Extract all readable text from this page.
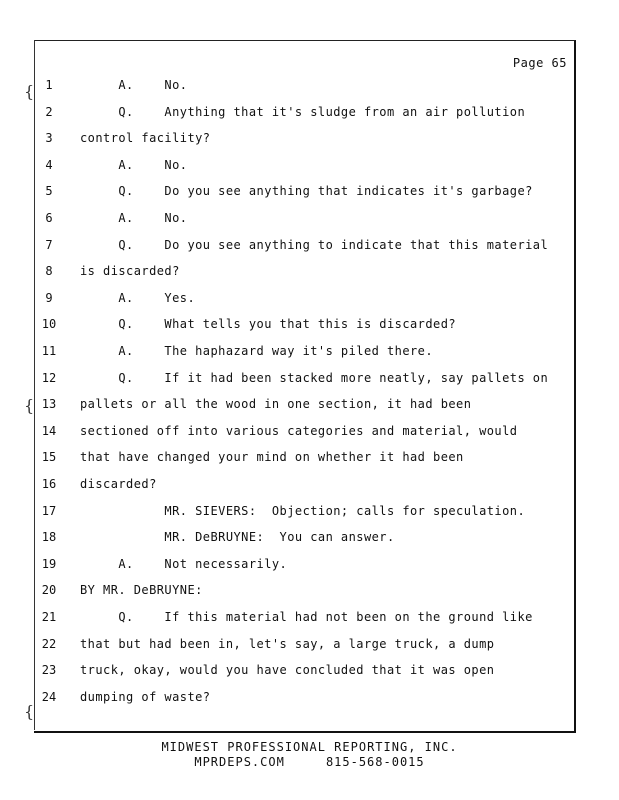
{
{
{
Page 65
1	A.    No.
2	Q.    Anything that it's sludge from an air pollution
3	control facility?
4	A.    No.
5	Q.    Do you see anything that indicates it's garbage?
6	A.    No.
7	Q.    Do you see anything to indicate that this material
8	is discarded?
9	A.    Yes.
10	Q.    What tells you that this is discarded?
11	A.    The haphazard way it's piled there.
12	Q.    If it had been stacked more neatly, say pallets on
13	pallets or all the wood in one section, it had been
14	sectioned off into various categories and material, would
15	that have changed your mind on whether it had been
16	discarded?
17	MR. SIEVERS:  Objection; calls for speculation.
18	MR. DeBRUYNE:  You can answer.
19	A.    Not necessarily.
20	BY MR. DeBRUYNE:
21	Q.    If this material had not been on the ground like
22	that but had been in, let's say, a large truck, a dump
23	truck, okay, would you have concluded that it was open
24	dumping of waste?
MIDWEST PROFESSIONAL REPORTING, INC.
MPRDEPS.COM     815-568-0015
